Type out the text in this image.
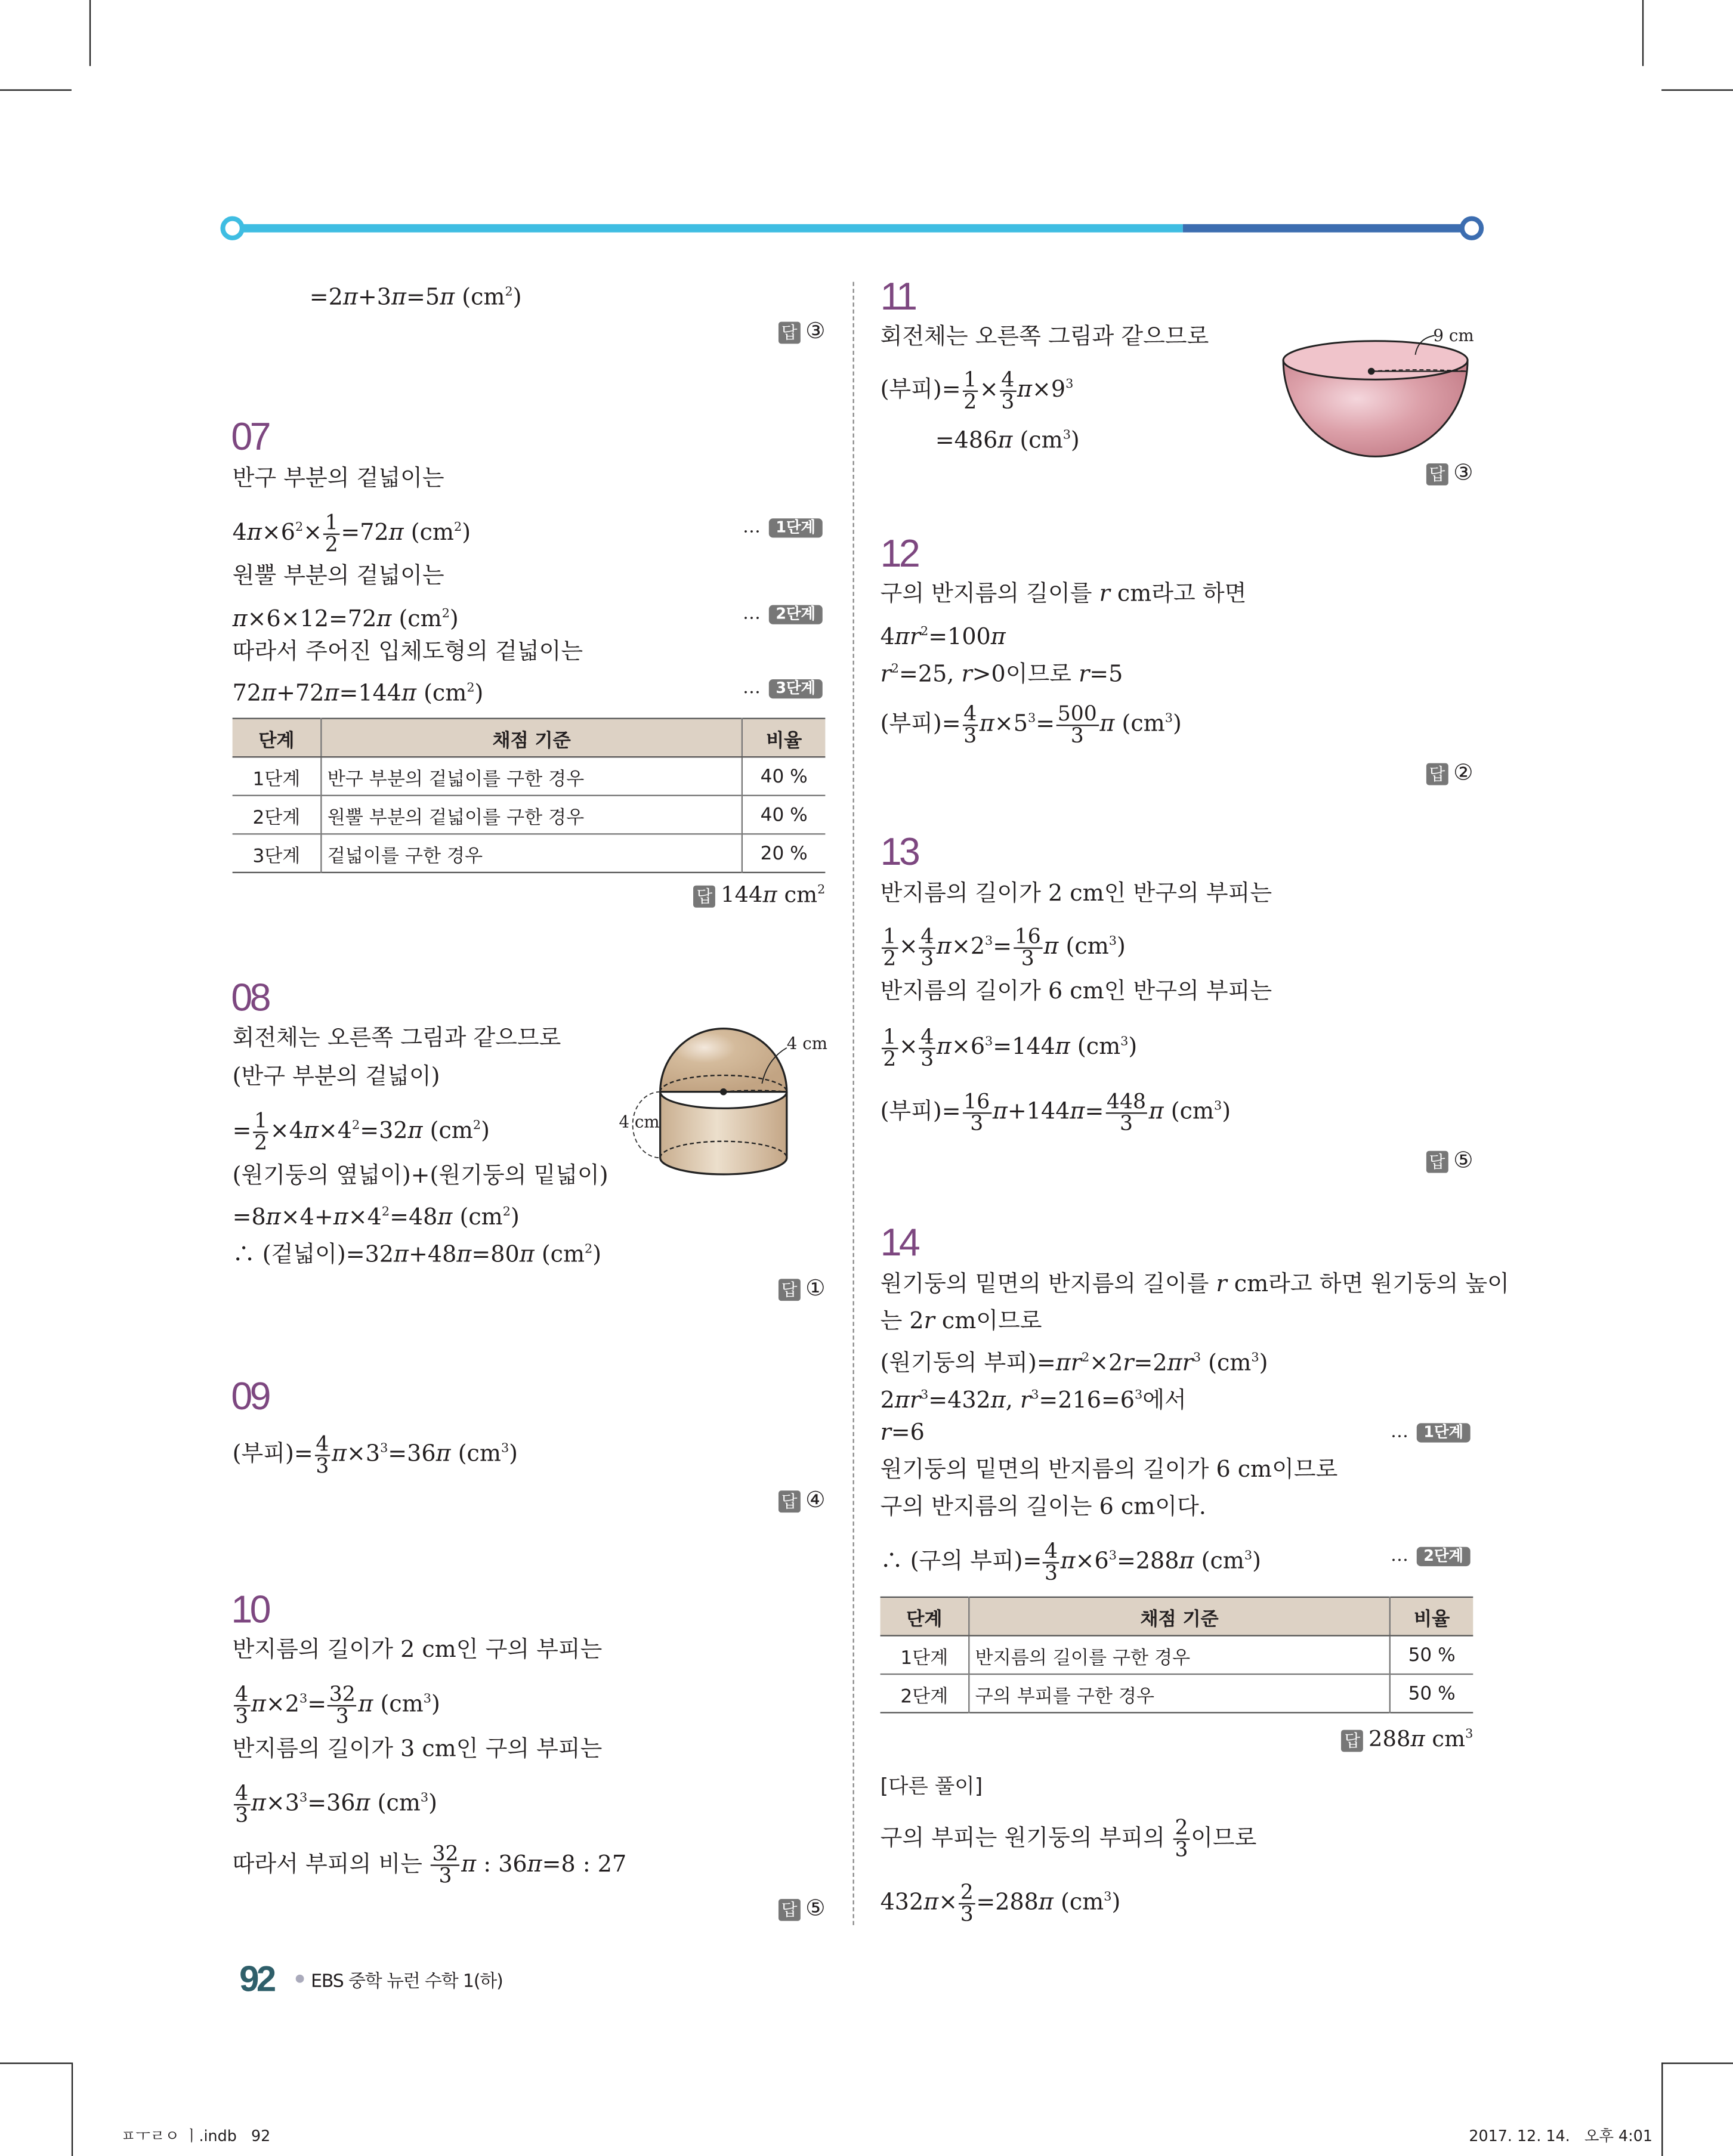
=2π+3π=5π $(cm^2)$
답 ③
07
반구 부분의 겉넓이는
$4\pi\times 6^2\times \frac{1}{2} =72\pi$ $(cm^2)$
원뿔 부분의 겉넓이는
π×6×12=72π $(cm^2)$
따라서 주어진 입체도형의 겉넓이는
72π+72π=144π $(cm^2)$
… 1단계
… 2단계
… 3단계
단계	채점 기준	비율
1단계	반구 부분의 겉넓이를 구한 경우	40 %
2단계	원뿔 부분의 겉넓이를 구한 경우	40 %
3단계	겉넓이를 구한 경우	20 %
답 144π $cm^2$
08
회전체는 오른쪽 그림과 같으므로
(반구 부분의 겉넓이)
= $\frac{1}{2} \times 4\pi\times 4^2=32\pi$ $(cm^2)$
(원기둥의 옆넓이)+(원기둥의 밑넓이)
$=8\pi\times 4+\pi\times 4^2=48\pi$ $(cm^2)$
∴ (겉넓이)=32π+48π=80π $(cm^2)$
4 cm
4 cm
답 ①
09
(부피)= $\frac{4}{3} \pi\times 3^3=36\pi$ $(cm^3)$
답 ④
10
반지름의 길이가 2 cm인 구의 부피는
$\frac{4}{3} \pi\times 2^3= \frac{32}{3}$ π $(cm^3)$
반지름의 길이가 3 cm인 구의 부피는
$\frac{4}{3} \pi\times 3^3=36\pi$ $(cm^3)$
따라서 부피의 비는 $\frac{32}{3}$ π : 36π=8 : 27
답 ⑤
11
회전체는 오른쪽 그림과 같으므로
(부피)= $\frac{1}{2} \times \frac{4}{3} \pi\times 9^3$
=486π $(cm^3)$
9 cm
답 ③
12
구의 반지름의 길이를 r cm라고 하면
$4\pi r^2=100\pi$
$r^2=25$, r>0이므로 r=5
(부피)= $\frac{4}{3} \pi\times 5^3= \frac{500}{3}$ π $(cm^3)$
답 ②
13
반지름의 길이가 2 cm인 반구의 부피는
$\frac{1}{2} \times \frac{4}{3} \pi\times 2^3= \frac{16}{3}$ π $(cm^3)$
반지름의 길이가 6 cm인 반구의 부피는
$\frac{1}{2} \times \frac{4}{3} \pi\times 6^3=144\pi$ $(cm^3)$
(부피)= $\frac{16}{3} \pi+144\pi= \frac{448}{3}$ π $(cm^3)$
답 ⑤
14
원기둥의 밑면의 반지름의 길이를 r cm라고 하면 원기둥의 높이
는 2r cm이므로
(원기둥의 부피)$=\pi r^2\times 2r=2\pi r^3$ $(cm^3)$
$2\pi r^3=432\pi$, $r^3=216=6^3$에서
r=6
원기둥의 밑면의 반지름의 길이가 6 cm이므로
구의 반지름의 길이는 6 cm이다.
∴ (구의 부피)= $\frac{4}{3} \pi\times 6^3=288\pi$ $(cm^3)$
… 1단계
… 2단계
단계	채점 기준	비율
1단계	반지름의 길이를 구한 경우	50 %
2단계	구의 부피를 구한 경우	50 %
답 288π $cm^3$
[다른 풀이]
구의 부피는 원기둥의 부피의 $\frac{2}{3}$ 이므로
$432\pi\times \frac{2}{3} =288\pi$ $(cm^3)$
92	EBS 중학 뉴런 수학 1(하)
ㅍㅜㄹㅇ ㅣ.indb   92	2017. 12. 14.   오후 4:01
